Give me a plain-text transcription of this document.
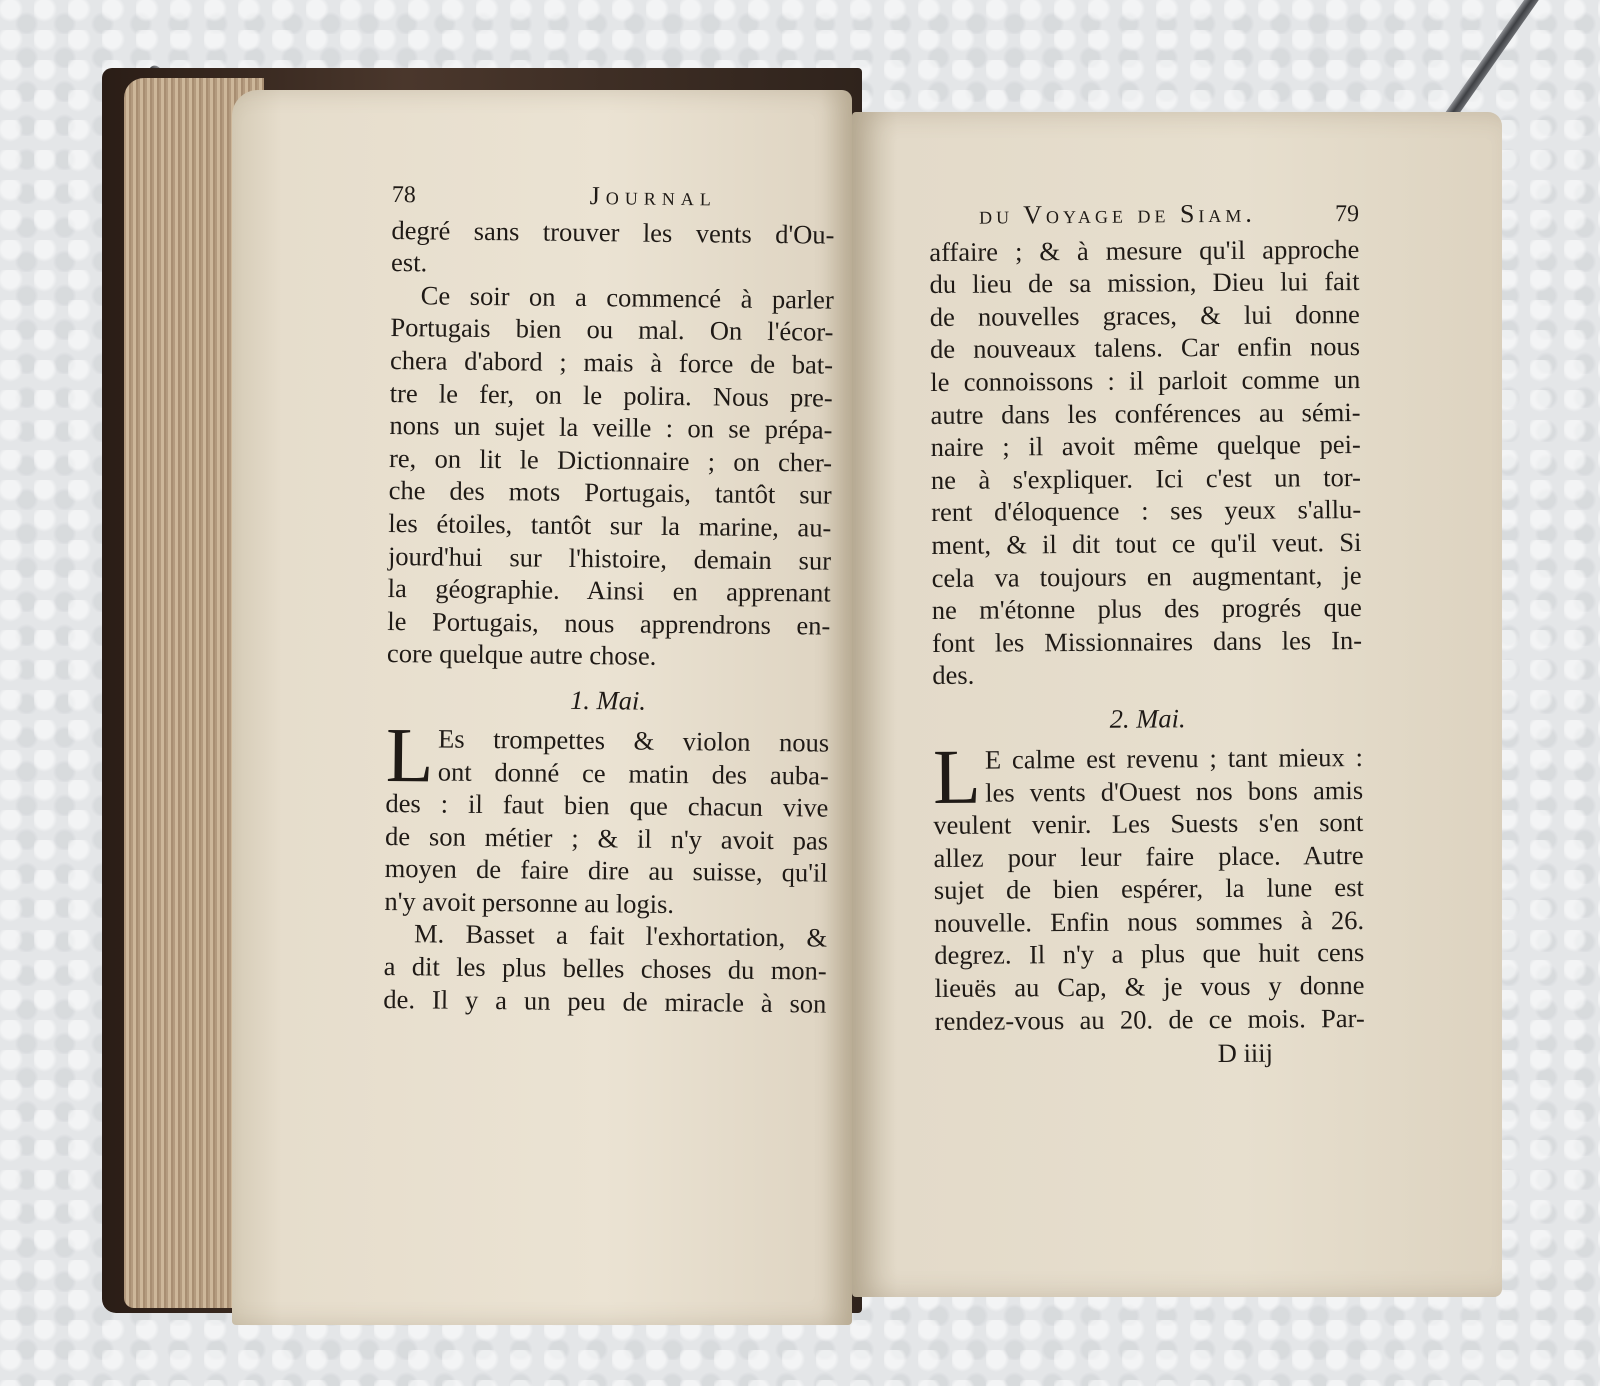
78	Journal
degré sans trouver les vents d'Ou-
est.
Ce soir on a commencé à parler
Portugais bien ou mal. On l'écor-
chera d'abord ; mais à force de bat-
tre le fer, on le polira. Nous pre-
nons un sujet la veille : on se prépa-
re, on lit le Dictionnaire ; on cher-
che des mots Portugais, tantôt sur
les étoiles, tantôt sur la marine, au-
jourd'hui sur l'histoire, demain sur
la géographie. Ainsi en apprenant
le Portugais, nous apprendrons en-
core quelque autre chose.
1. Mai.
L Es trompettes & violon nous
ont donné ce matin des auba-
des : il faut bien que chacun vive
de son métier ; & il n'y avoit pas
moyen de faire dire au suisse, qu'il
n'y avoit personne au logis.
M. Basset a fait l'exhortation, &
a dit les plus belles choses du mon-
de. Il y a un peu de miracle à son
du Voyage de Siam.	79
affaire ; & à mesure qu'il approche
du lieu de sa mission, Dieu lui fait
de nouvelles graces, & lui donne
de nouveaux talens. Car enfin nous
le connoissons : il parloit comme un
autre dans les conférences au sémi-
naire ; il avoit même quelque pei-
ne à s'expliquer. Ici c'est un tor-
rent d'éloquence : ses yeux s'allu-
ment, & il dit tout ce qu'il veut. Si
cela va toujours en augmentant, je
ne m'étonne plus des progrés que
font les Missionnaires dans les In-
des.
2. Mai.
L E calme est revenu ; tant mieux :
les vents d'Ouest nos bons amis
veulent venir. Les Suests s'en sont
allez pour leur faire place. Autre
sujet de bien espérer, la lune est
nouvelle. Enfin nous sommes à 26.
degrez. Il n'y a plus que huit cens
lieuës au Cap, & je vous y donne
rendez-vous au 20. de ce mois. Par-
D iiij
